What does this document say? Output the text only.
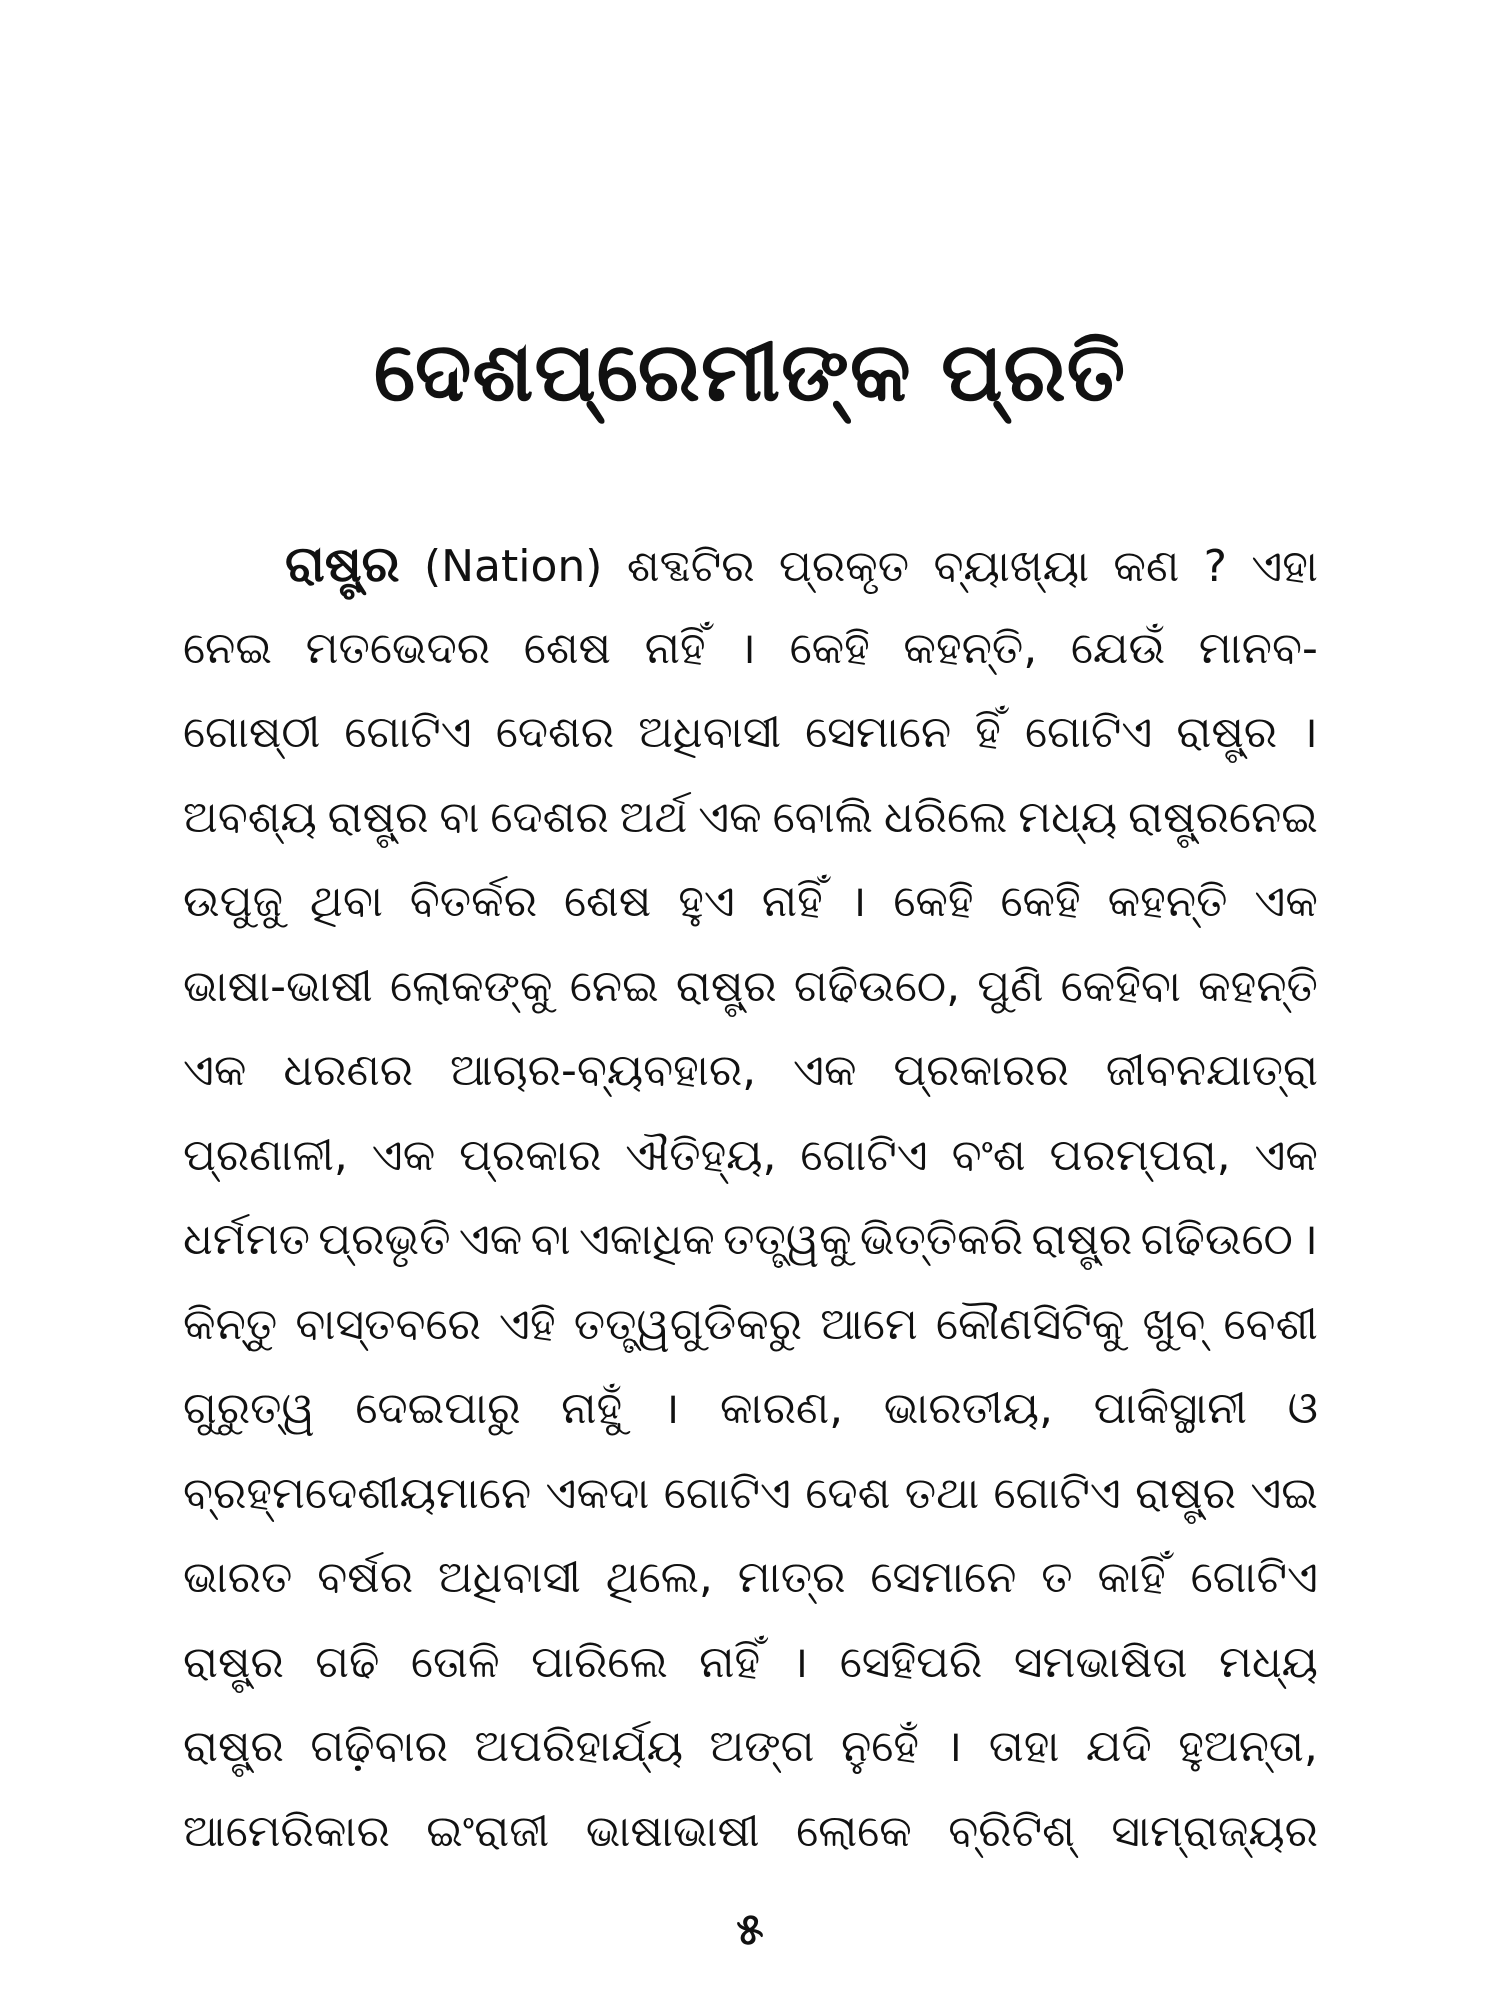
ଦେଶପ୍ରେମୀଙ୍କ ପ୍ରତି
ରାଷ୍ଟ୍ର (Nation) ଶବ୍ଦଟିର ପ୍ରକୃତ ବ୍ୟାଖ୍ୟା କଣ ? ଏହା
ନେଇ ମତଭେଦର ଶେଷ ନାହିଁ । କେହି କହନ୍ତି, ଯେଉଁ ମାନବ-
ଗୋଷ୍ଠୀ ଗୋଟିଏ ଦେଶର ଅଧିବାସୀ ସେମାନେ ହିଁ ଗୋଟିଏ ରାଷ୍ଟ୍ର ।
ଅବଶ୍ୟ ରାଷ୍ଟ୍ର ବା ଦେଶର ଅର୍ଥ ଏକ ବୋଲି ଧରିଲେ ମଧ୍ୟ ରାଷ୍ଟ୍ରନେଇ
ଉପୁଜୁ ଥିବା ବିତର୍କର ଶେଷ ହୁଏ ନାହିଁ । କେହି କେହି କହନ୍ତି ଏକ
ଭାଷା-ଭାଷୀ ଲୋକଙ୍କୁ ନେଇ ରାଷ୍ଟ୍ର ଗଢିଉଠେ, ପୁଣି କେହିବା କହନ୍ତି
ଏକ ଧରଣର ଆଚାର-ବ୍ୟବହାର, ଏକ ପ୍ରକାରର ଜୀବନଯାତ୍ରା
ପ୍ରଣାଳୀ, ଏକ ପ୍ରକାର ଐତିହ୍ୟ, ଗୋଟିଏ ବଂଶ ପରମ୍ପରା, ଏକ
ଧର୍ମମତ ପ୍ରଭୃତି ଏକ ବା ଏକାଧିକ ତତ୍ତ୍ୱକୁ ଭିତ୍ତିକରି ରାଷ୍ଟ୍ର ଗଢିଉଠେ ।
କିନ୍ତୁ ବାସ୍ତବରେ ଏହି ତତ୍ତ୍ୱଗୁଡିକରୁ ଆମେ କୌଣସିଟିକୁ ଖୁବ୍ ବେଶୀ
ଗୁରୁତ୍ୱ ଦେଇପାରୁ ନାହୁଁ । କାରଣ, ଭାରତୀୟ, ପାକିସ୍ଥାନୀ ଓ
ବ୍ରହ୍ମଦେଶୀୟମାନେ ଏକଦା ଗୋଟିଏ ଦେଶ ତଥା ଗୋଟିଏ ରାଷ୍ଟ୍ର ଏଇ
ଭାରତ ବର୍ଷର ଅଧିବାସୀ ଥିଲେ, ମାତ୍ର ସେମାନେ ତ କାହିଁ ଗୋଟିଏ
ରାଷ୍ଟ୍ର ଗଢି ତୋଳି ପାରିଲେ ନାହିଁ । ସେହିପରି ସମଭାଷିତା ମଧ୍ୟ
ରାଷ୍ଟ୍ର ଗଢ଼ିବାର ଅପରିହାର୍ଯ୍ୟ ଅଙ୍ଗ ନୁହେଁ । ତାହା ଯଦି ହୁଅନ୍ତା,
ଆମେରିକାର ଇଂରାଜୀ ଭାଷାଭାଷୀ ଲୋକେ ବ୍ରିଟିଶ୍ ସାମ୍ରାଜ୍ୟର
୫
